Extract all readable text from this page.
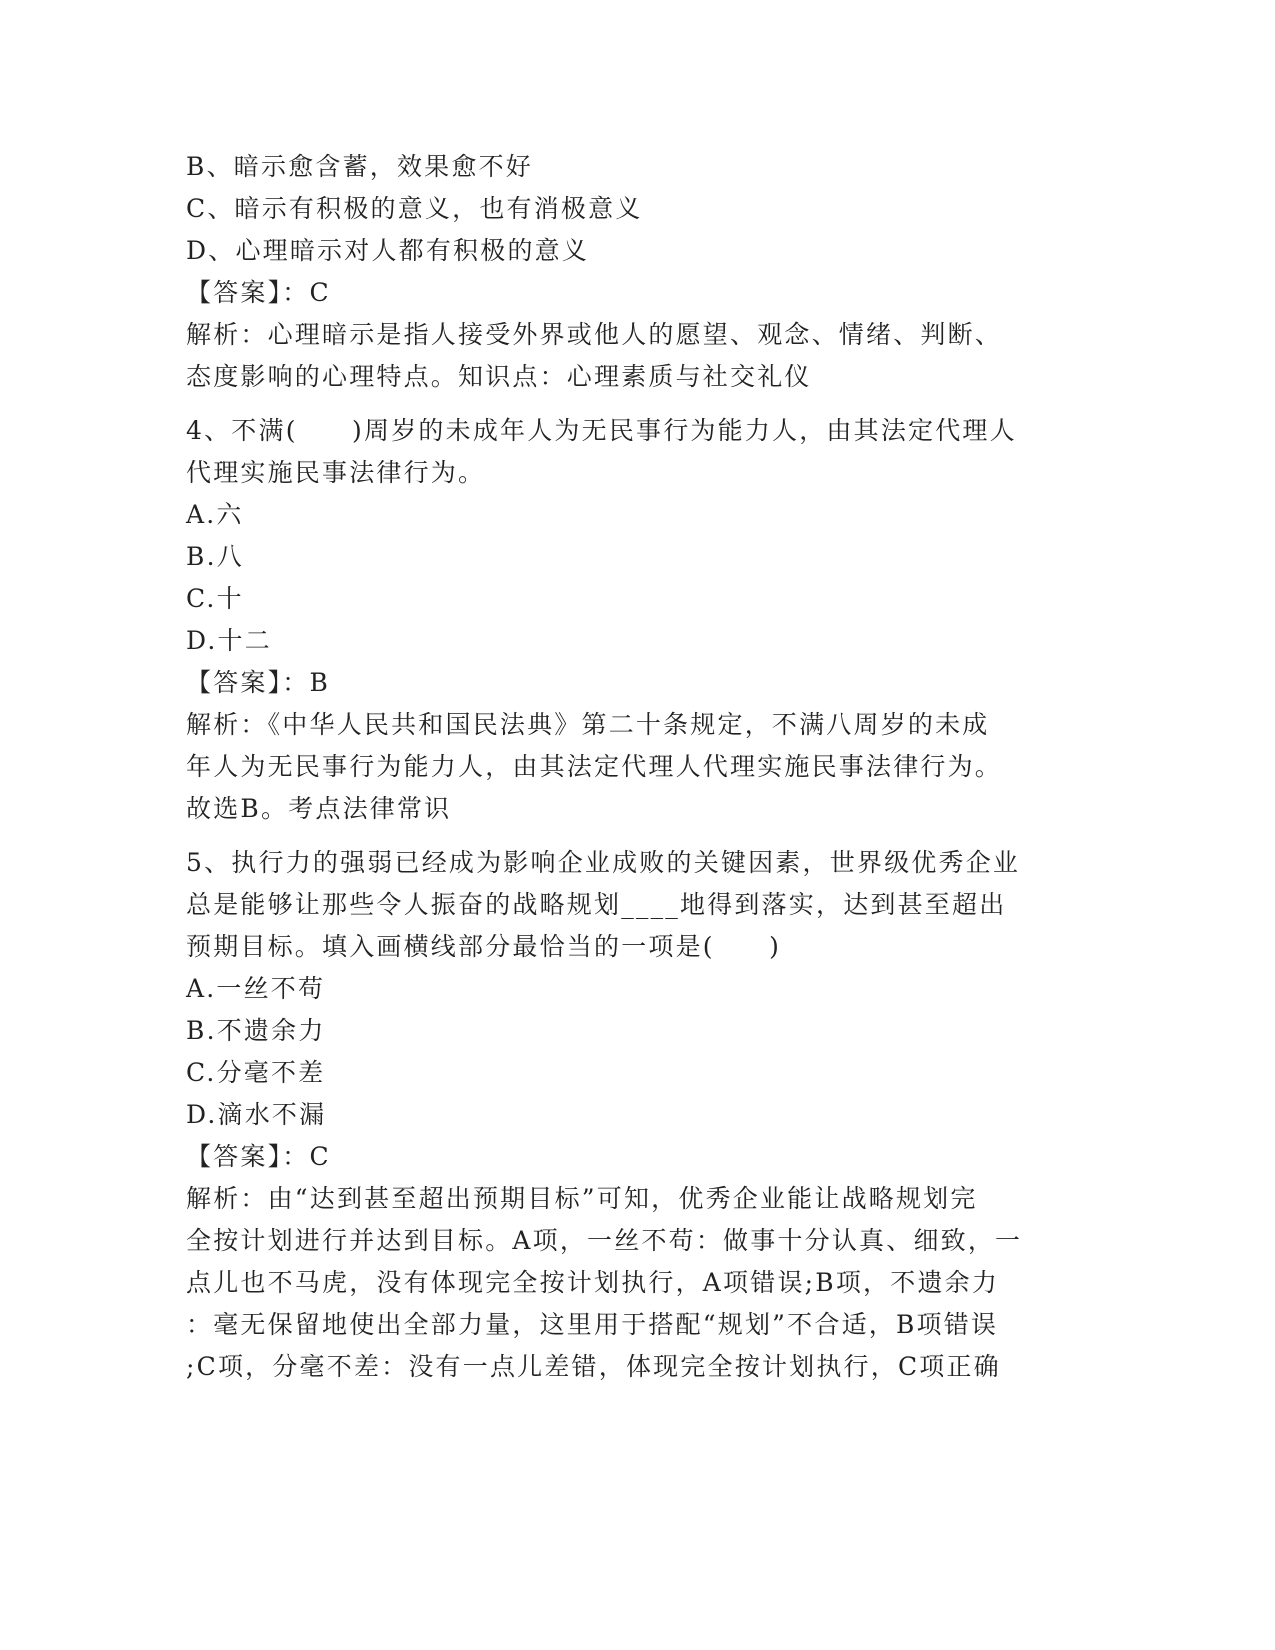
B、暗示愈含蓄，效果愈不好
C、暗示有积极的意义，也有消极意义
D、心理暗示对人都有积极的意义
【答案】：C
解析：心理暗示是指人接受外界或他人的愿望、观念、情绪、判断、
态度影响的心理特点。知识点：心理素质与社交礼仪
4、不满(　　)周岁的未成年人为无民事行为能力人，由其法定代理人
代理实施民事法律行为。
A.六
B.八
C.十
D.十二
【答案】：B
解析：《中华人民共和国民法典》第二十条规定，不满八周岁的未成
年人为无民事行为能力人，由其法定代理人代理实施民事法律行为。
故选B。考点法律常识
5、执行力的强弱已经成为影响企业成败的关键因素，世界级优秀企业
总是能够让那些令人振奋的战略规划____地得到落实，达到甚至超出
预期目标。填入画横线部分最恰当的一项是(　　)
A.一丝不苟
B.不遗余力
C.分毫不差
D.滴水不漏
【答案】：C
解析：由“达到甚至超出预期目标”可知，优秀企业能让战略规划完
全按计划进行并达到目标。A项，一丝不苟：做事十分认真、细致，一
点儿也不马虎，没有体现完全按计划执行，A项错误;B项，不遗余力
：毫无保留地使出全部力量，这里用于搭配“规划”不合适，B项错误
;C项，分毫不差：没有一点儿差错，体现完全按计划执行，C项正确
